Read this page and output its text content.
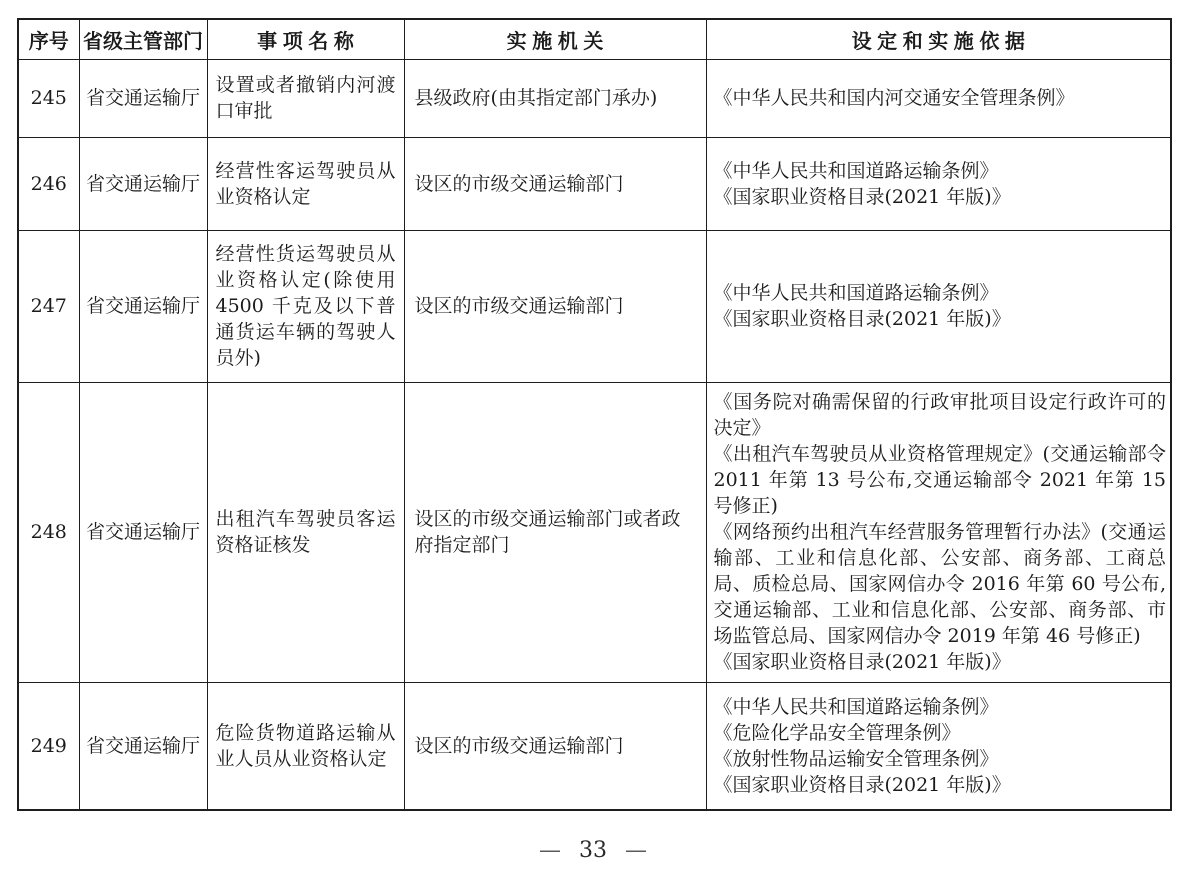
序号	省级主管部门	事 项 名 称	实 施 机 关	设 定 和 实 施 依 据
245	省交通运输厅	设置或者撤销内河渡口审批	县级政府(由其指定部门承办)	《中华人民共和国内河交通安全管理条例》

246	省交通运输厅	经营性客运驾驶员从业资格认定	设区的市级交通运输部门	《中华人民共和国道路运输条例》
《国家职业资格目录(2021 年版)》

247	省交通运输厅	经营性货运驾驶员从业资格认定(除使用 4500 千克及以下普通货运车辆的驾驶人员外)	设区的市级交通运输部门	《中华人民共和国道路运输条例》
《国家职业资格目录(2021 年版)》

248	省交通运输厅	出租汽车驾驶员客运资格证核发	设区的市级交通运输部门或者政府指定部门	《国务院对确需保留的行政审批项目设定行政许可的决定》
《出租汽车驾驶员从业资格管理规定》(交通运输部令 2011 年第 13 号公布,交通运输部令 2021 年第 15 号修正)
《网络预约出租汽车经营服务管理暂行办法》(交通运输部、工业和信息化部、公安部、商务部、工商总局、质检总局、国家网信办令 2016 年第 60 号公布,交通运输部、工业和信息化部、公安部、商务部、市场监管总局、国家网信办令 2019 年第 46 号修正)
《国家职业资格目录(2021 年版)》

249	省交通运输厅	危险货物道路运输从业人员从业资格认定	设区的市级交通运输部门	《中华人民共和国道路运输条例》
《危险化学品安全管理条例》
《放射性物品运输安全管理条例》
《国家职业资格目录(2021 年版)》
— 33 —
